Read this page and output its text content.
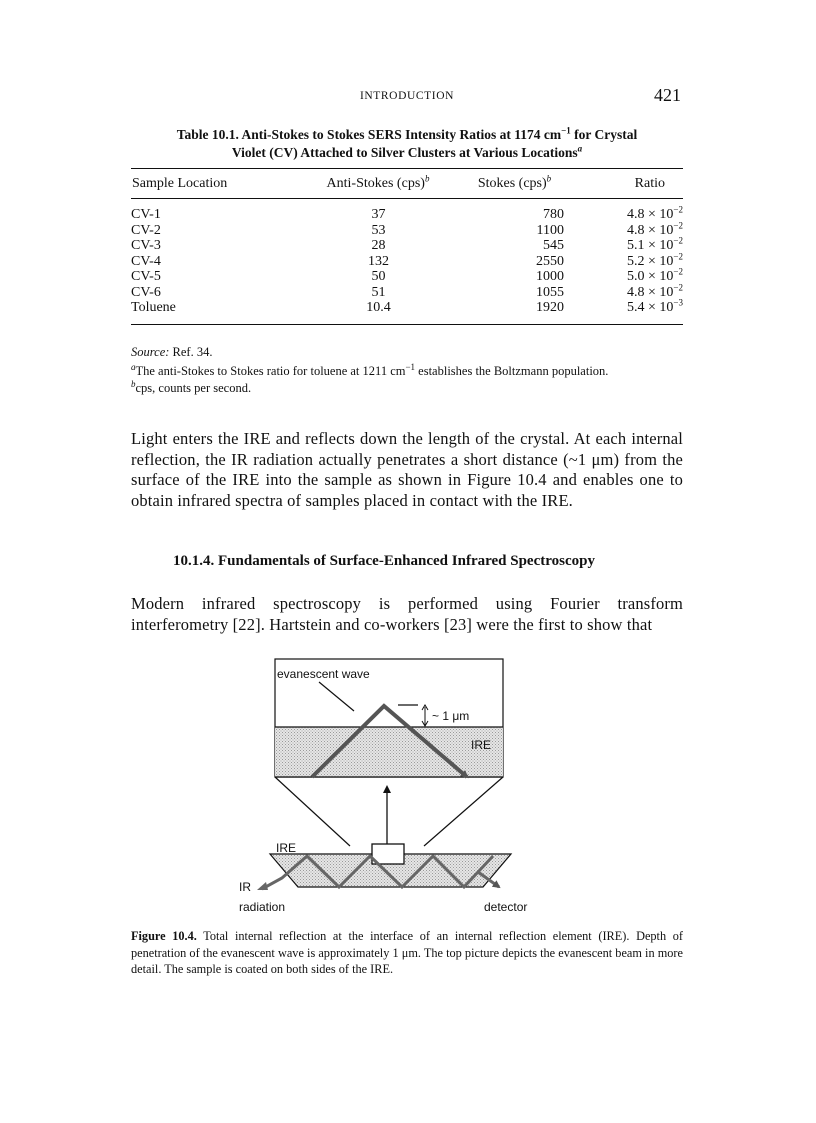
INTRODUCTION	421
Table 10.1. Anti-Stokes to Stokes SERS Intensity Ratios at 1174 $cm^{-1}$ for Crystal
Violet (CV) Attached to Silver Clusters at Various Locations$^a$
Sample Location	Anti-Stokes (cps)$^b$	Stokes (cps)$^b$	Ratio
CV-1	37	780	$4.8 \times 10^{-2}$
CV-2	53	1100	$4.8 \times 10^{-2}$
CV-3	28	545	$5.1 \times 10^{-2}$
CV-4	132	2550	$5.2 \times 10^{-2}$
CV-5	50	1000	$5.0 \times 10^{-2}$
CV-6	51	1055	$4.8 \times 10^{-2}$
Toluene	10.4	1920	$5.4 \times 10^{-3}$
Source: Ref. 34.
$^a$The anti-Stokes to Stokes ratio for toluene at 1211 $cm^{-1}$ establishes the Boltzmann population.
$^b$cps, counts per second.
Light enters the IRE and reflects down the length of the crystal. At each internal reflection, the IR radiation actually penetrates a short distance (~1 μm) from the surface of the IRE into the sample as shown in Figure 10.4 and enables one to obtain infrared spectra of samples placed in contact with the IRE.
10.1.4. Fundamentals of Surface-Enhanced Infrared Spectroscopy
Modern infrared spectroscopy is performed using Fourier transform interferometry [22]. Hartstein and co-workers [23] were the first to show that
evanescent wave
~ 1 μm
IRE
IRE
IR
radiation	detector
Figure 10.4. Total internal reflection at the interface of an internal reflection element (IRE). Depth of penetration of the evanescent wave is approximately 1 μm. The top picture depicts the evanescent beam in more detail. The sample is coated on both sides of the IRE.
